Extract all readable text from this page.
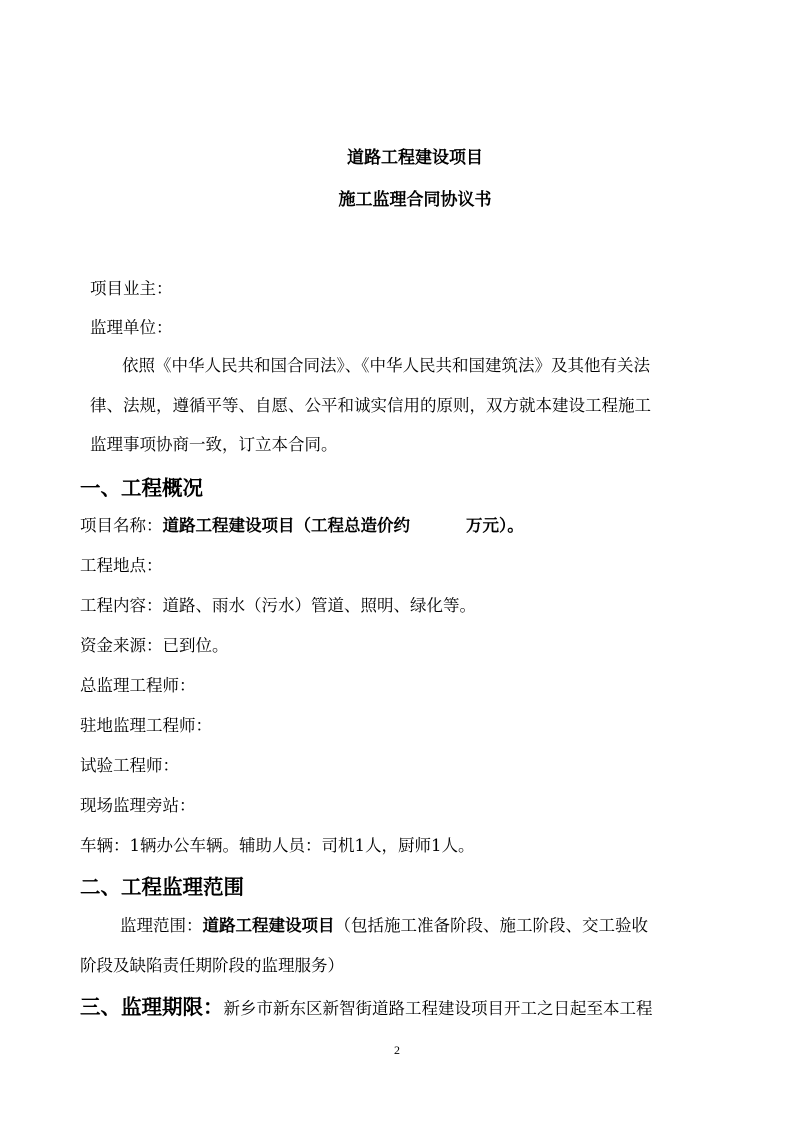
道路工程建设项目
施工监理合同协议书
项目业主：
监理单位：
依照《中华人民共和国合同法》、《中华人民共和国建筑法》及其他有关法
律、法规，遵循平等、自愿、公平和诚实信用的原则，双方就本建设工程施工
监理事项协商一致，订立本合同。
一、工程概况
项目名称：道路工程建设项目（工程总造价约	万元）。
工程地点：
工程内容：道路、雨水（污水）管道、照明、绿化等。
资金来源：已到位。
总监理工程师：
驻地监理工程师：
试验工程师：
现场监理旁站：
车辆：1辆办公车辆。辅助人员：司机1人，厨师1人。
二、工程监理范围
监理范围：道路工程建设项目（包括施工准备阶段、施工阶段、交工验收
阶段及缺陷责任期阶段的监理服务）
三、监理期限：新乡市新东区新智街道路工程建设项目开工之日起至本工程
2
